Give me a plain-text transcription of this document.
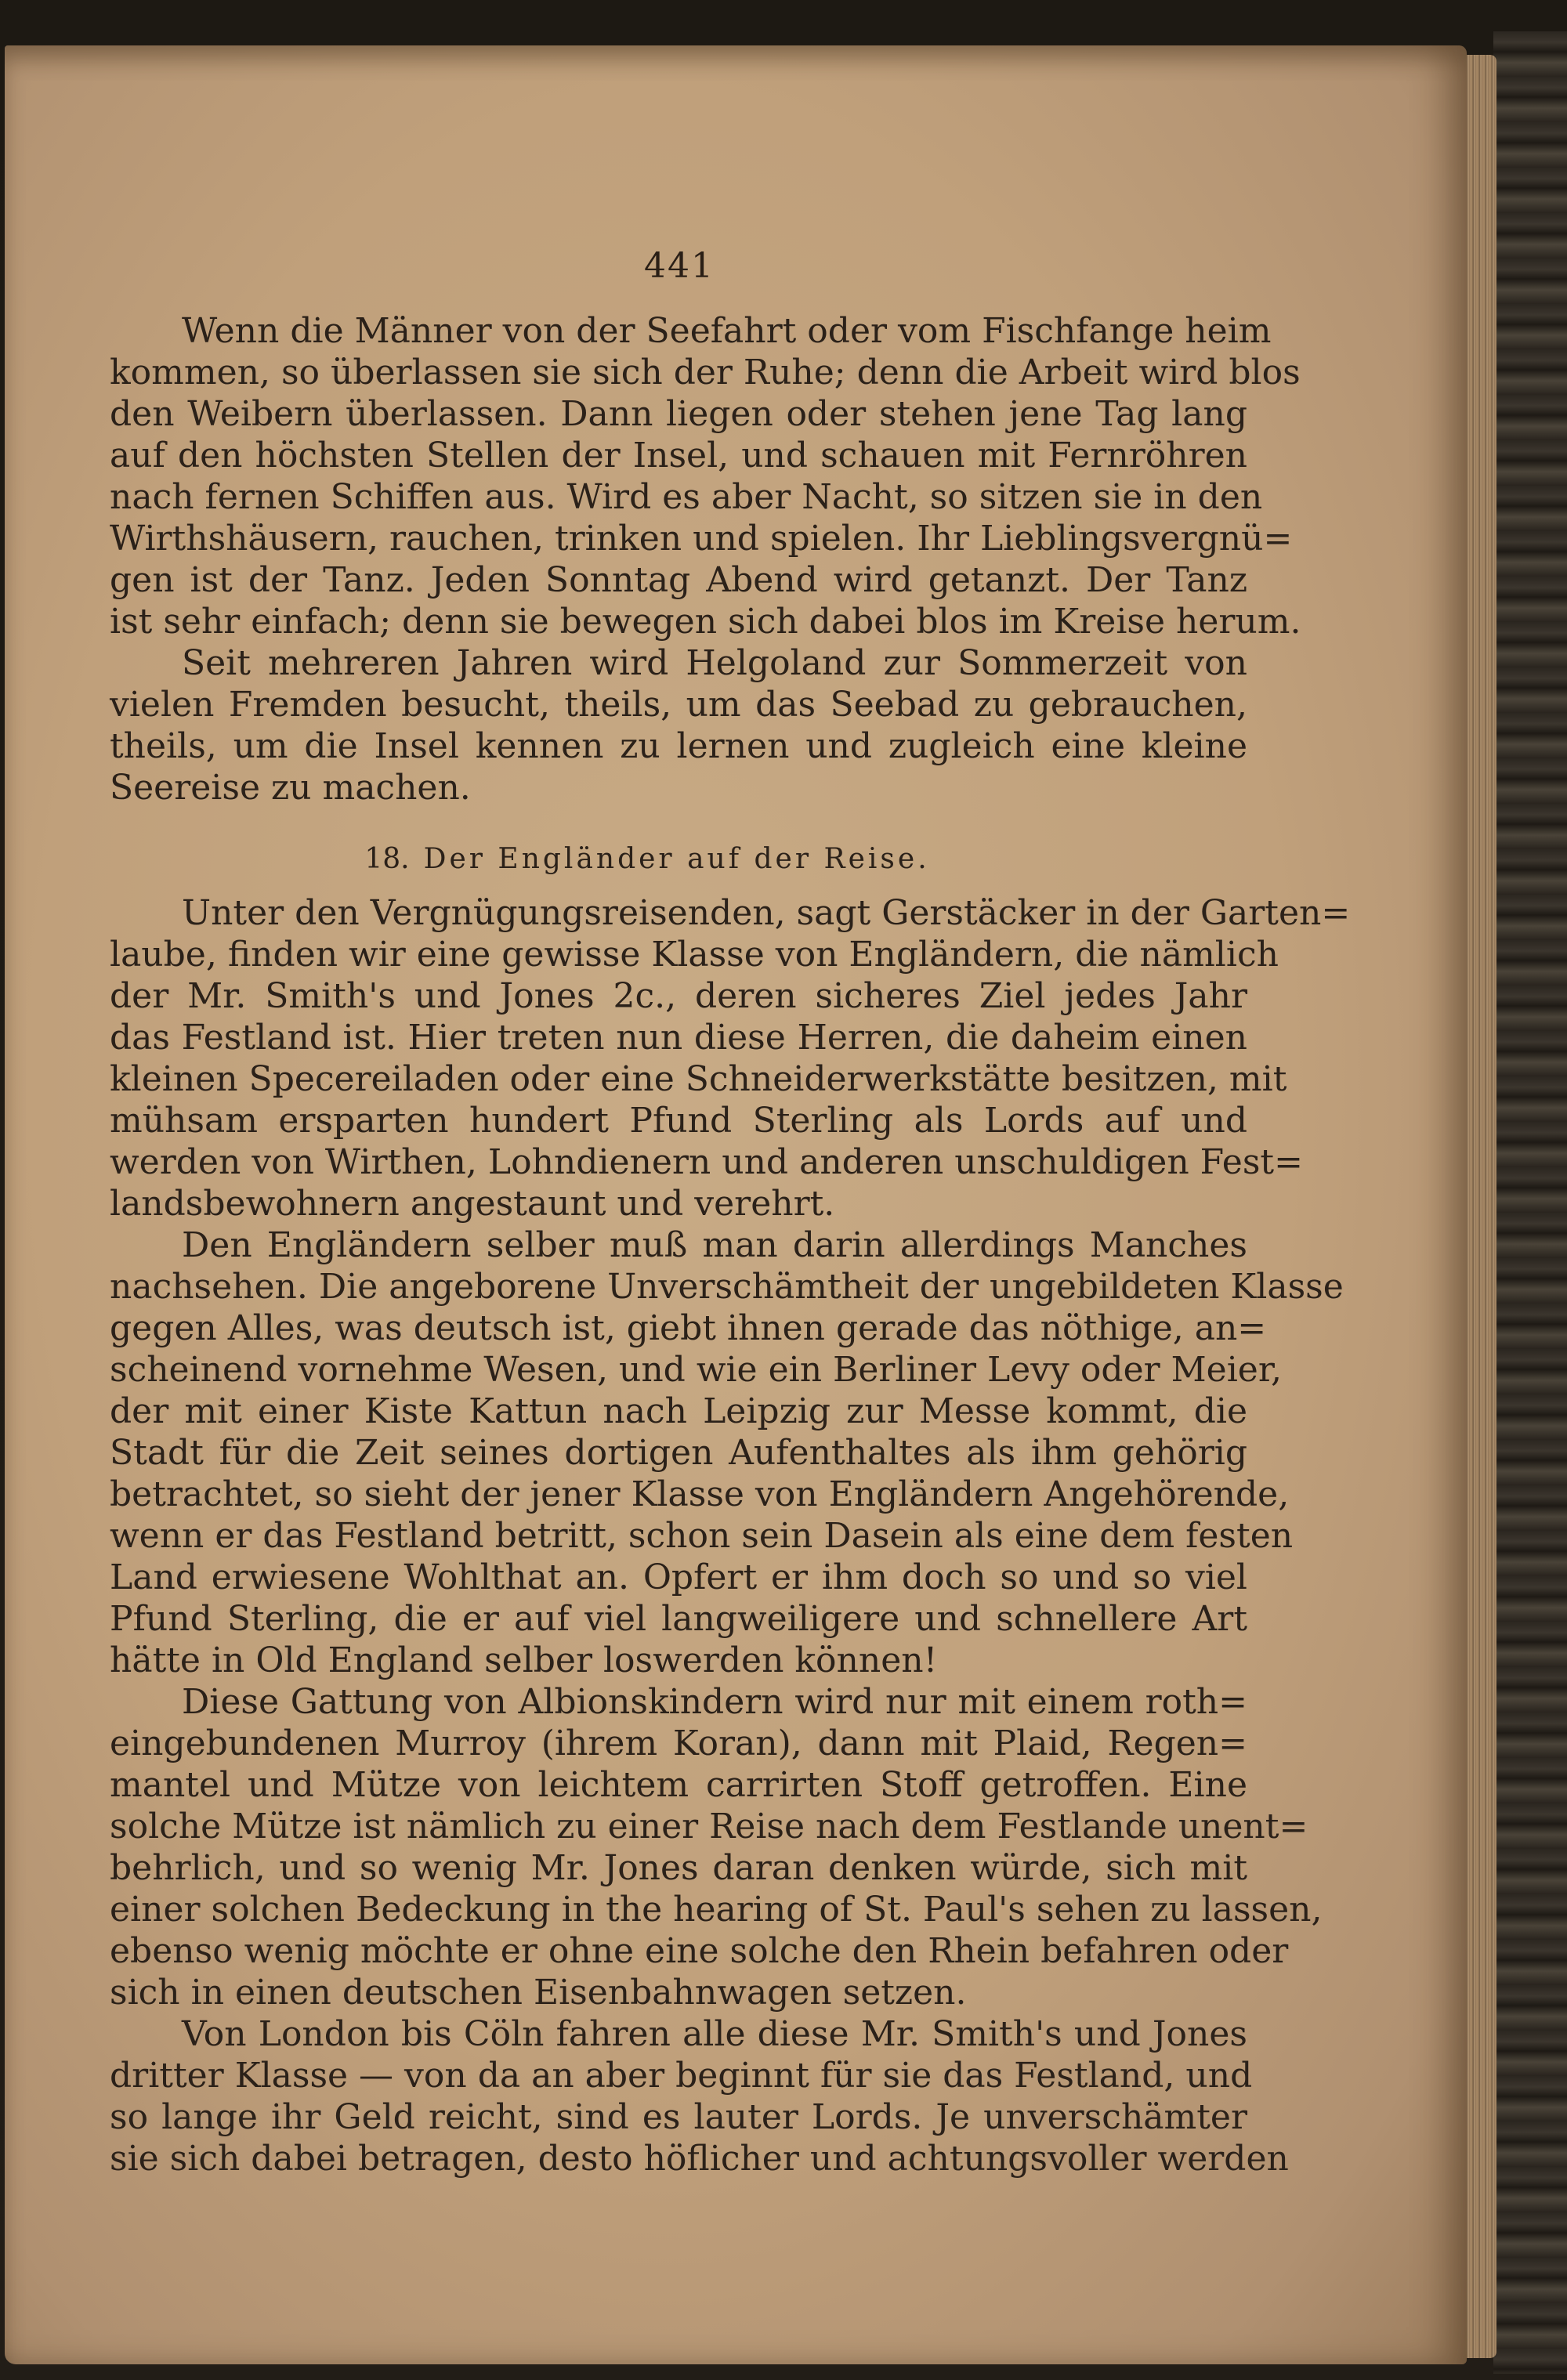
441
Wenn die Männer von der Seefahrt oder vom Fischfange heim
kommen, so überlassen sie sich der Ruhe; denn die Arbeit wird blos
den Weibern überlassen. Dann liegen oder stehen jene Tag lang
auf den höchsten Stellen der Insel, und schauen mit Fernröhren
nach fernen Schiffen aus. Wird es aber Nacht, so sitzen sie in den
Wirthshäusern, rauchen, trinken und spielen. Ihr Lieblingsvergnü=
gen ist der Tanz. Jeden Sonntag Abend wird getanzt. Der Tanz
ist sehr einfach; denn sie bewegen sich dabei blos im Kreise herum.
Seit mehreren Jahren wird Helgoland zur Sommerzeit von
vielen Fremden besucht, theils, um das Seebad zu gebrauchen,
theils, um die Insel kennen zu lernen und zugleich eine kleine
Seereise zu machen.
18. Der Engländer auf der Reise.
Unter den Vergnügungsreisenden, sagt Gerstäcker in der Garten=
laube, finden wir eine gewisse Klasse von Engländern, die nämlich
der Mr. Smith's und Jones 2c., deren sicheres Ziel jedes Jahr
das Festland ist. Hier treten nun diese Herren, die daheim einen
kleinen Specereiladen oder eine Schneiderwerkstätte besitzen, mit
mühsam ersparten hundert Pfund Sterling als Lords auf und
werden von Wirthen, Lohndienern und anderen unschuldigen Fest=
landsbewohnern angestaunt und verehrt.
Den Engländern selber muß man darin allerdings Manches
nachsehen. Die angeborene Unverschämtheit der ungebildeten Klasse
gegen Alles, was deutsch ist, giebt ihnen gerade das nöthige, an=
scheinend vornehme Wesen, und wie ein Berliner Levy oder Meier,
der mit einer Kiste Kattun nach Leipzig zur Messe kommt, die
Stadt für die Zeit seines dortigen Aufenthaltes als ihm gehörig
betrachtet, so sieht der jener Klasse von Engländern Angehörende,
wenn er das Festland betritt, schon sein Dasein als eine dem festen
Land erwiesene Wohlthat an. Opfert er ihm doch so und so viel
Pfund Sterling, die er auf viel langweiligere und schnellere Art
hätte in Old England selber loswerden können!
Diese Gattung von Albionskindern wird nur mit einem roth=
eingebundenen Murroy (ihrem Koran), dann mit Plaid, Regen=
mantel und Mütze von leichtem carrirten Stoff getroffen. Eine
solche Mütze ist nämlich zu einer Reise nach dem Festlande unent=
behrlich, und so wenig Mr. Jones daran denken würde, sich mit
einer solchen Bedeckung in the hearing of St. Paul's sehen zu lassen,
ebenso wenig möchte er ohne eine solche den Rhein befahren oder
sich in einen deutschen Eisenbahnwagen setzen.
Von London bis Cöln fahren alle diese Mr. Smith's und Jones
dritter Klasse — von da an aber beginnt für sie das Festland, und
so lange ihr Geld reicht, sind es lauter Lords. Je unverschämter
sie sich dabei betragen, desto höflicher und achtungsvoller werden
